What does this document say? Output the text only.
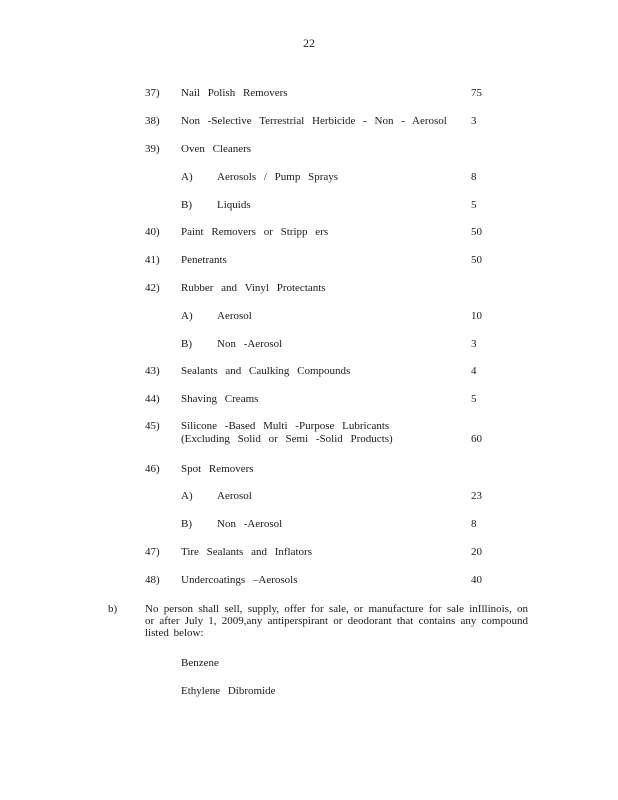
22
37) Nail Polish Removers	75
38) Non -Selective Terrestrial Herbicide - Non - Aerosol 3
39) Oven Cleaners
A) Aerosols / Pump Sprays	8
B) Liquids	5
40) Paint Removers or Stripp ers	50
41) Penetrants	50
42) Rubber and Vinyl Protectants
A) Aerosol	10
B) Non -Aerosol	3
43) Sealants and Caulking Compounds	4
44) Shaving Creams	5
45) Silicone -Based Multi -Purpose Lubricants
(Excluding Solid or Semi -Solid Products)	60
46) Spot Removers
A) Aerosol	23
B) Non -Aerosol	8
47) Tire Sealants and Inflators	20
48) Undercoatings –Aerosols	40
b)	No person shall sell, supply, offer for sale, or manufacture for sale inIllinois, on or after July 1, 2009,any antiperspirant or deodorant that contains any compound listed below:
Benzene
Ethylene Dibromide
